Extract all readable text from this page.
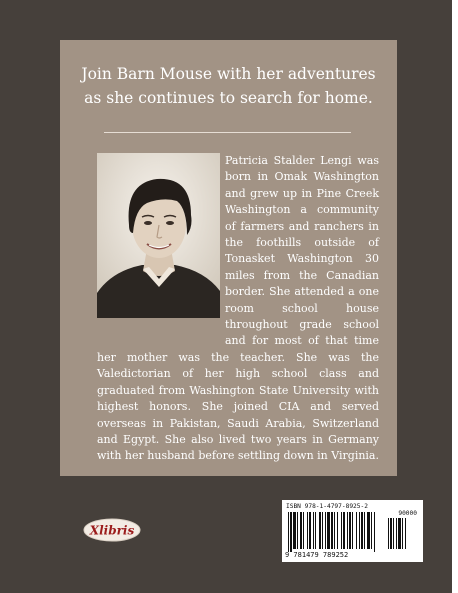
Join Barn Mouse with her adventures
as she continues to search for home.

Patricia Stalder Lengi was born in Omak Washington and grew up in Pine Creek Washington a community of farmers and ranchers in the foothills outside of Tonasket Washington 30 miles from the Canadian border. She attended a one room school house throughout grade school and for most of that time her mother was the teacher. She was the Valedictorian of her high school class and graduated from Washington State University with highest honors. She joined CIA and served overseas in Pakistan, Saudi Arabia, Switzerland and Egypt. She also lived two years in Germany with her husband before settling down in Virginia.

Xlibris
ISBN 978-1-4797-8925-2
9 781479 789252
90000
